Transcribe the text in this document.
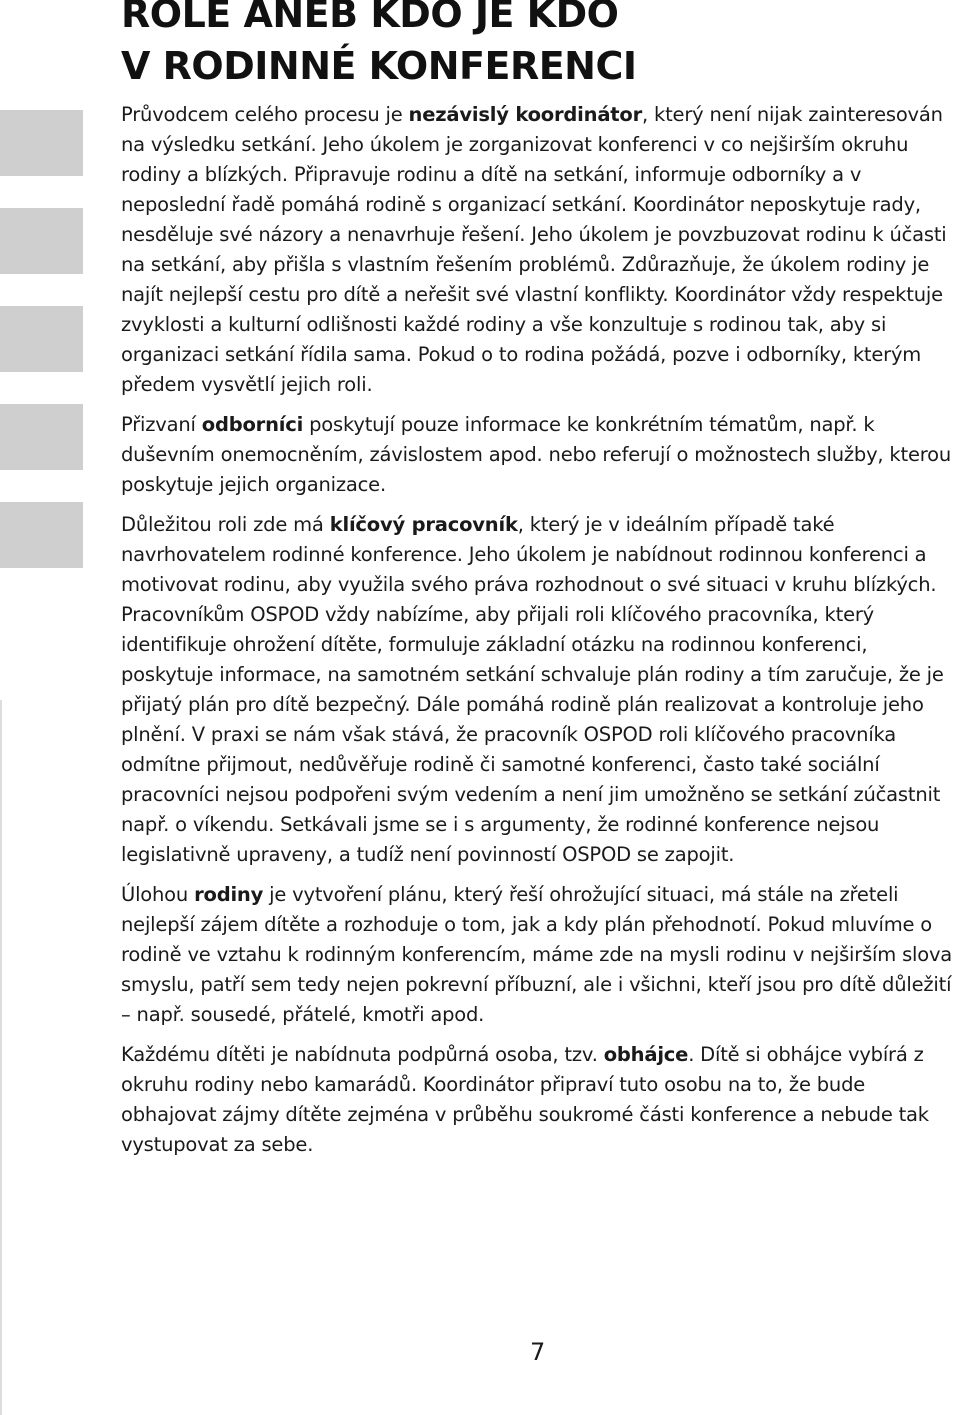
ROLE ANEB KDO JE KDO
V RODINNÉ KONFERENCI

Průvodcem celého procesu je nezávislý koordinátor, který není nijak zainteresován na výsledku setkání. Jeho úkolem je zorganizovat konferenci v co nejširším okruhu rodiny a blízkých. Připravuje rodinu a dítě na setkání, informuje odborníky a v neposlední řadě pomáhá rodině s organizací setkání. Koordinátor neposkytuje rady, nesděluje své názory a nenavrhuje řešení. Jeho úkolem je povzbuzovat rodinu k účasti na setkání, aby přišla s vlastním řešením problémů. Zdůrazňuje, že úkolem rodiny je najít nejlepší cestu pro dítě a neřešit své vlastní konflikty. Koordinátor vždy respektuje zvyklosti a kulturní odlišnosti každé rodiny a vše konzultuje s rodinou tak, aby si organizaci setkání řídila sama. Pokud o to rodina požádá, pozve i odborníky, kterým předem vysvětlí jejich roli.

Přizvaní odborníci poskytují pouze informace ke konkrétním tématům, např. k duševním onemocněním, závislostem apod. nebo referují o možnostech služby, kterou poskytuje jejich organizace.

Důležitou roli zde má klíčový pracovník, který je v ideálním případě také navrhovatelem rodinné konference. Jeho úkolem je nabídnout rodinnou konferenci a motivovat rodinu, aby využila svého práva rozhodnout o své situaci v kruhu blízkých. Pracovníkům OSPOD vždy nabízíme, aby přijali roli klíčového pracovníka, který identifikuje ohrožení dítěte, formuluje základní otázku na rodinnou konferenci, poskytuje informace, na samotném setkání schvaluje plán rodiny a tím zaručuje, že je přijatý plán pro dítě bezpečný. Dále pomáhá rodině plán realizovat a kontroluje jeho plnění. V praxi se nám však stává, že pracovník OSPOD roli klíčového pracovníka odmítne přijmout, nedůvěřuje rodině či samotné konferenci, často také sociální pracovníci nejsou podpořeni svým vedením a není jim umožněno se setkání zúčastnit např. o víkendu. Setkávali jsme se i s argumenty, že rodinné konference nejsou legislativně upraveny, a tudíž není povinností OSPOD se zapojit.

Úlohou rodiny je vytvoření plánu, který řeší ohrožující situaci, má stále na zřeteli nejlepší zájem dítěte a rozhoduje o tom, jak a kdy plán přehodnotí. Pokud mluvíme o rodině ve vztahu k rodinným konferencím, máme zde na mysli rodinu v nejširším slova smyslu, patří sem tedy nejen pokrevní příbuzní, ale i všichni, kteří jsou pro dítě důležití – např. sousedé, přátelé, kmotři apod.

Každému dítěti je nabídnuta podpůrná osoba, tzv. obhájce. Dítě si obhájce vybírá z okruhu rodiny nebo kamarádů. Koordinátor připraví tuto osobu na to, že bude obhajovat zájmy dítěte zejména v průběhu soukromé části konference a nebude tak vystupovat za sebe.

7
